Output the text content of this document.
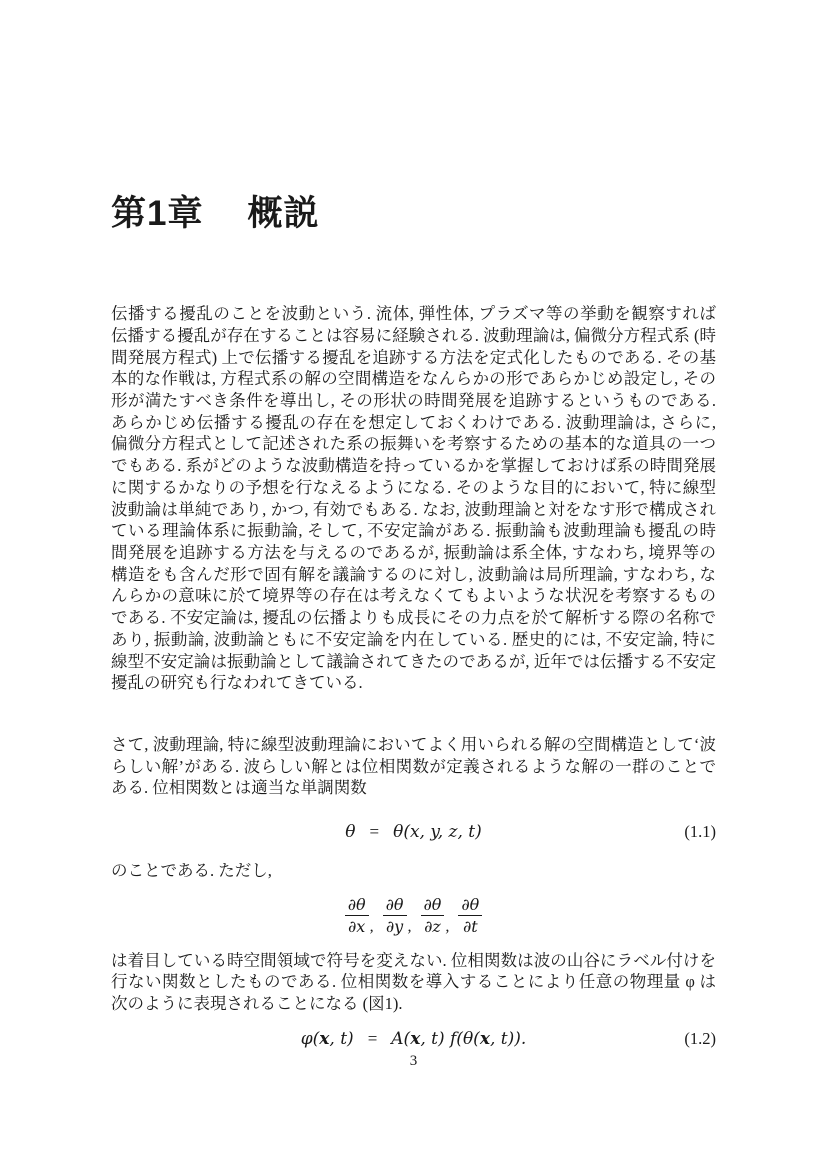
第1章 概説
伝播する擾乱のことを波動という. 流体, 弾性体, プラズマ等の挙動を観察すれば
伝播する擾乱が存在することは容易に経験される. 波動理論は, 偏微分方程式系 (時
間発展方程式) 上で伝播する擾乱を追跡する方法を定式化したものである. その基
本的な作戦は, 方程式系の解の空間構造をなんらかの形であらかじめ設定し, その
形が満たすべき条件を導出し, その形状の時間発展を追跡するというものである.
あらかじめ伝播する擾乱の存在を想定しておくわけである. 波動理論は, さらに,
偏微分方程式として記述された系の振舞いを考察するための基本的な道具の一つ
でもある. 系がどのような波動構造を持っているかを掌握しておけば系の時間発展
に関するかなりの予想を行なえるようになる. そのような目的において, 特に線型
波動論は単純であり, かつ, 有効でもある. なお, 波動理論と対をなす形で構成され
ている理論体系に振動論, そして, 不安定論がある. 振動論も波動理論も擾乱の時
間発展を追跡する方法を与えるのであるが, 振動論は系全体, すなわち, 境界等の
構造をも含んだ形で固有解を議論するのに対し, 波動論は局所理論, すなわち, な
んらかの意味に於て境界等の存在は考えなくてもよいような状況を考察するもの
である. 不安定論は, 擾乱の伝播よりも成長にその力点を於て解析する際の名称で
あり, 振動論, 波動論ともに不安定論を内在している. 歴史的には, 不安定論, 特に
線型不安定論は振動論として議論されてきたのであるが, 近年では伝播する不安定
擾乱の研究も行なわれてきている.
さて, 波動理論, 特に線型波動理論においてよく用いられる解の空間構造として‘波
らしい解’がある. 波らしい解とは位相関数が定義されるような解の一群のことで
ある. 位相関数とは適当な単調関数
θ = θ(x, y, z, t)	(1.1)
のことである. ただし,
$\frac{\partial\theta}{\partial x}$ , $\frac{\partial\theta}{\partial y}$ , $\frac{\partial\theta}{\partial z}$ , $\frac{\partial\theta}{\partial t}$
は着目している時空間領域で符号を変えない. 位相関数は波の山谷にラベル付けを
行ない関数としたものである. 位相関数を導入することにより任意の物理量 φ は
次のように表現されることになる (図1).
φ( x , t) = A( x , t) f(θ( x , t)).	(1.2)
3
